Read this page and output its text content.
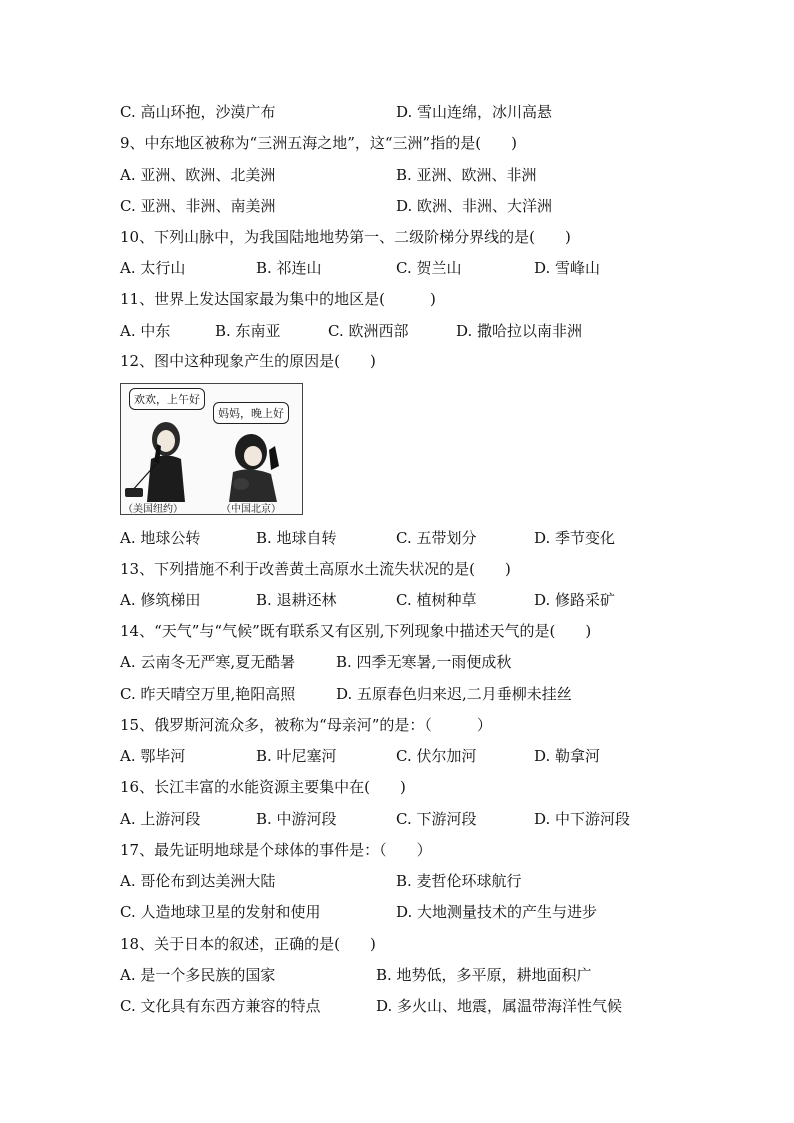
C. 高山环抱，沙漠广布	D. 雪山连绵，冰川高悬
9、中东地区被称为“三洲五海之地”，这“三洲”指的是(　　)
A. 亚洲、欧洲、北美洲	B. 亚洲、欧洲、非洲
C. 亚洲、非洲、南美洲	D. 欧洲、非洲、大洋洲
10、下列山脉中，为我国陆地地势第一、二级阶梯分界线的是(　　)
A. 太行山	B. 祁连山	C. 贺兰山	D. 雪峰山
11、世界上发达国家最为集中的地区是(　　　)
A. 中东	B. 东南亚	C. 欧洲西部	D. 撒哈拉以南非洲
12、图中这种现象产生的原因是(　　)
欢欢，上午好
妈妈，晚上好
（美国纽约）	（中国北京）
A. 地球公转	B. 地球自转	C. 五带划分	D. 季节变化
13、下列措施不利于改善黄土高原水土流失状况的是(　　)
A. 修筑梯田	B. 退耕还林	C. 植树种草	D. 修路采矿
14、“天气”与“气候”既有联系又有区别,下列现象中描述天气的是(　　)
A. 云南冬无严寒,夏无酷暑	B. 四季无寒暑,一雨便成秋
C. 昨天晴空万里,艳阳高照	D. 五原春色归来迟,二月垂柳未挂丝
15、俄罗斯河流众多，被称为“母亲河”的是：（　　　）
A. 鄂毕河	B. 叶尼塞河	C. 伏尔加河	D. 勒拿河
16、长江丰富的水能资源主要集中在(　　)
A. 上游河段	B. 中游河段	C. 下游河段	D. 中下游河段
17、最先证明地球是个球体的事件是：（　　）
A. 哥伦布到达美洲大陆	B. 麦哲伦环球航行
C. 人造地球卫星的发射和使用	D. 大地测量技术的产生与进步
18、关于日本的叙述，正确的是(　　)
A. 是一个多民族的国家	B. 地势低，多平原，耕地面积广
C. 文化具有东西方兼容的特点	D. 多火山、地震，属温带海洋性气候
